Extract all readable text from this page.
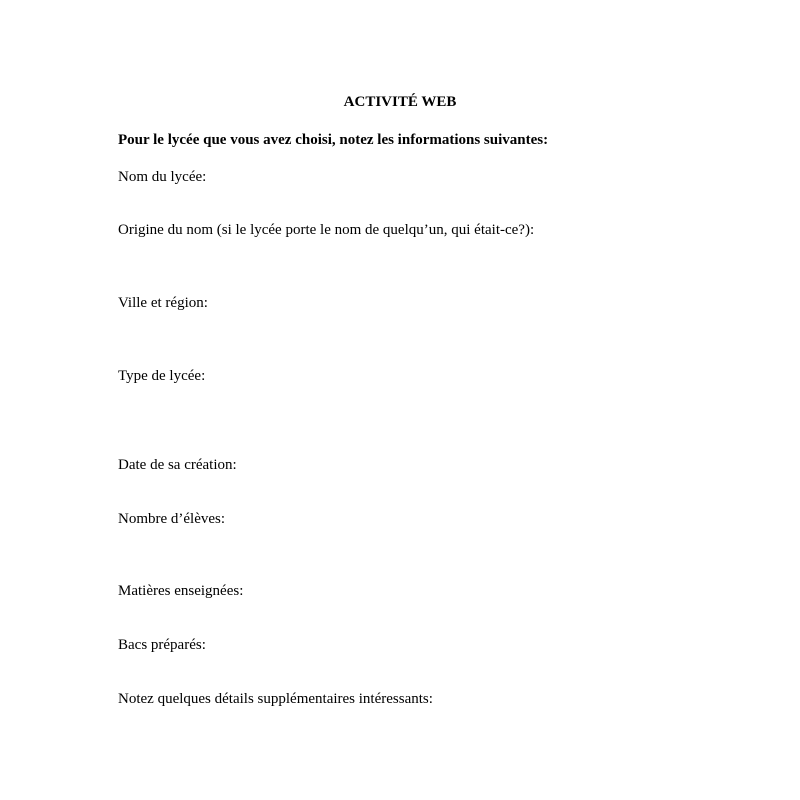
ACTIVITÉ WEB

Pour le lycée que vous avez choisi, notez les informations suivantes:

Nom du lycée:

Origine du nom (si le lycée porte le nom de quelqu’un, qui était-ce?):

Ville et région:

Type de lycée:

Date de sa création:

Nombre d’élèves:

Matières enseignées:

Bacs préparés:

Notez quelques détails supplémentaires intéressants:
